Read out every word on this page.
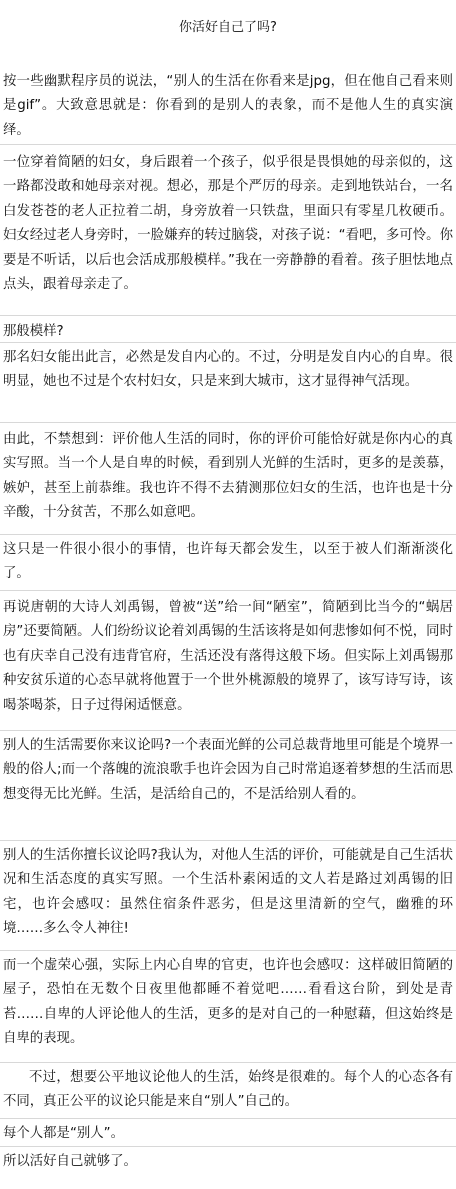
你活好自己了吗?

按一些幽默程序员的说法，“别人的生活在你看来是jpg，但在他自己看来则是gif”。大致意思就是：你看到的是别人的表象，而不是他人生的真实演绎。

一位穿着简陋的妇女，身后跟着一个孩子，似乎很是畏惧她的母亲似的，这一路都没敢和她母亲对视。想必，那是个严厉的母亲。走到地铁站台，一名白发苍苍的老人正拉着二胡，身旁放着一只铁盘，里面只有零星几枚硬币。妇女经过老人身旁时，一脸嫌弃的转过脑袋，对孩子说：“看吧，多可怜。你要是不听话，以后也会活成那般模样。”我在一旁静静的看着。孩子胆怯地点点头，跟着母亲走了。

那般模样?

那名妇女能出此言，必然是发自内心的。不过，分明是发自内心的自卑。很明显，她也不过是个农村妇女，只是来到大城市，这才显得神气活现。

由此，不禁想到：评价他人生活的同时，你的评价可能恰好就是你内心的真实写照。当一个人是自卑的时候，看到别人光鲜的生活时，更多的是羡慕，嫉妒，甚至上前恭维。我也许不得不去猜测那位妇女的生活，也许也是十分辛酸，十分贫苦，不那么如意吧。

这只是一件很小很小的事情，也许每天都会发生，以至于被人们渐渐淡化了。

再说唐朝的大诗人刘禹锡，曾被“送”给一间“陋室”，简陋到比当今的“蜗居房”还要简陋。人们纷纷议论着刘禹锡的生活该将是如何悲惨如何不悦，同时也有庆幸自己没有违背官府，生活还没有落得这般下场。但实际上刘禹锡那种安贫乐道的心态早就将他置于一个世外桃源般的境界了，该写诗写诗，该喝茶喝茶，日子过得闲适惬意。

别人的生活需要你来议论吗?一个表面光鲜的公司总裁背地里可能是个境界一般的俗人;而一个落魄的流浪歌手也许会因为自己时常追逐着梦想的生活而思想变得无比光鲜。生活，是活给自己的，不是活给别人看的。

别人的生活你擅长议论吗?我认为，对他人生活的评价，可能就是自己生活状况和生活态度的真实写照。一个生活朴素闲适的文人若是路过刘禹锡的旧宅，也许会感叹：虽然住宿条件恶劣，但是这里清新的空气，幽雅的环境……多么令人神往!

而一个虚荣心强，实际上内心自卑的官吏，也许也会感叹：这样破旧简陋的屋子，恐怕在无数个日夜里他都睡不着觉吧……看看这台阶，到处是青苔……自卑的人评论他人的生活，更多的是对自己的一种慰藉，但这始终是自卑的表现。

不过，想要公平地议论他人的生活，始终是很难的。每个人的心态各有不同，真正公平的议论只能是来自“别人”自己的。

每个人都是“别人”。

所以活好自己就够了。
